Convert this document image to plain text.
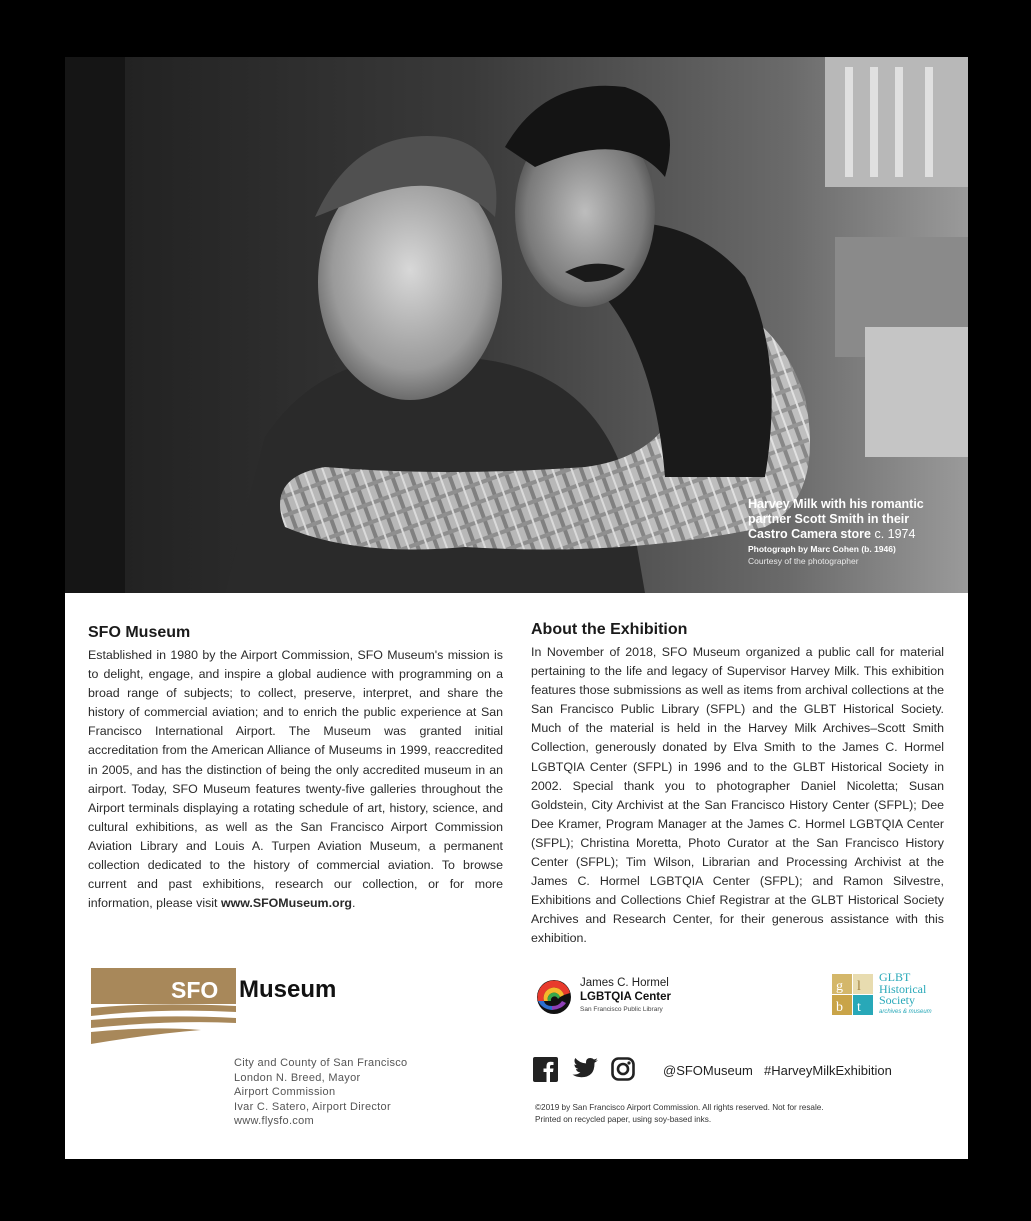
Harvey Milk with his romantic partner Scott Smith in their Castro Camera store c. 1974
Photograph by Marc Cohen (b. 1946)
Courtesy of the photographer
SFO Museum
Established in 1980 by the Airport Commission, SFO Museum's mission is to delight, engage, and inspire a global audience with programming on a broad range of subjects; to collect, preserve, interpret, and share the history of commercial aviation; and to enrich the public experience at San Francisco International Airport. The Museum was granted initial accreditation from the American Alliance of Museums in 1999, reaccredited in 2005, and has the distinction of being the only accredited museum in an airport. Today, SFO Museum features twenty-five galleries throughout the Airport terminals displaying a rotating schedule of art, history, science, and cultural exhibitions, as well as the San Francisco Airport Commission Aviation Library and Louis A. Turpen Aviation Museum, a permanent collection dedicated to the history of commercial aviation. To browse current and past exhibitions, research our collection, or for more information, please visit www.SFOMuseum.org.
About the Exhibition
In November of 2018, SFO Museum organized a public call for material pertaining to the life and legacy of Supervisor Harvey Milk. This exhibition features those submissions as well as items from archival collections at the San Francisco Public Library (SFPL) and the GLBT Historical Society. Much of the material is held in the Harvey Milk Archives–Scott Smith Collection, generously donated by Elva Smith to the James C. Hormel LGBTQIA Center (SFPL) in 1996 and to the GLBT Historical Society in 2002. Special thank you to photographer Daniel Nicoletta; Susan Goldstein, City Archivist at the San Francisco History Center (SFPL); Dee Dee Kramer, Program Manager at the James C. Hormel LGBTQIA Center (SFPL); Christina Moretta, Photo Curator at the San Francisco History Center (SFPL); Tim Wilson, Librarian and Processing Archivist at the James C. Hormel LGBTQIA Center (SFPL); and Ramon Silvestre, Exhibitions and Collections Chief Registrar at the GLBT Historical Society Archives and Research Center, for their generous assistance with this exhibition.
SFO Museum
City and County of San Francisco
London N. Breed, Mayor
Airport Commission
Ivar C. Satero, Airport Director
www.flysfo.com
James C. Hormel
LGBTQIA Center
San Francisco Public Library
g l
b t
GLBT
Historical
Society
archives & museum
@SFOMuseum #HarveyMilkExhibition
©2019 by San Francisco Airport Commission. All rights reserved. Not for resale.
Printed on recycled paper, using soy-based inks.
